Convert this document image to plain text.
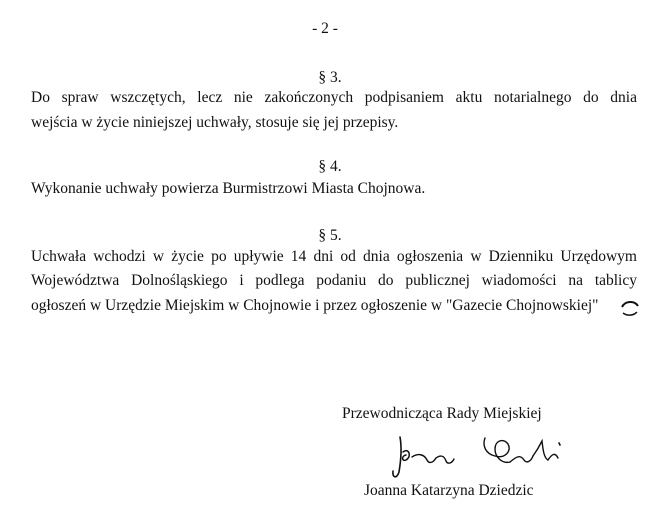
- 2 -
§ 3.
Do spraw wszczętych, lecz nie zakończonych podpisaniem aktu notarialnego do dnia
wejścia w życie niniejszej uchwały, stosuje się jej przepisy.
§ 4.
Wykonanie uchwały powierza Burmistrzowi Miasta Chojnowa.
§ 5.
Uchwała wchodzi w życie po upływie 14 dni od dnia ogłoszenia w Dzienniku Urzędowym
Województwa Dolnośląskiego i podlega podaniu do publicznej wiadomości na tablicy
ogłoszeń w Urzędzie Miejskim w Chojnowie i przez ogłoszenie w "Gazecie Chojnowskiej"
Przewodnicząca Rady Miejskiej
Joanna Katarzyna Dziedzic
